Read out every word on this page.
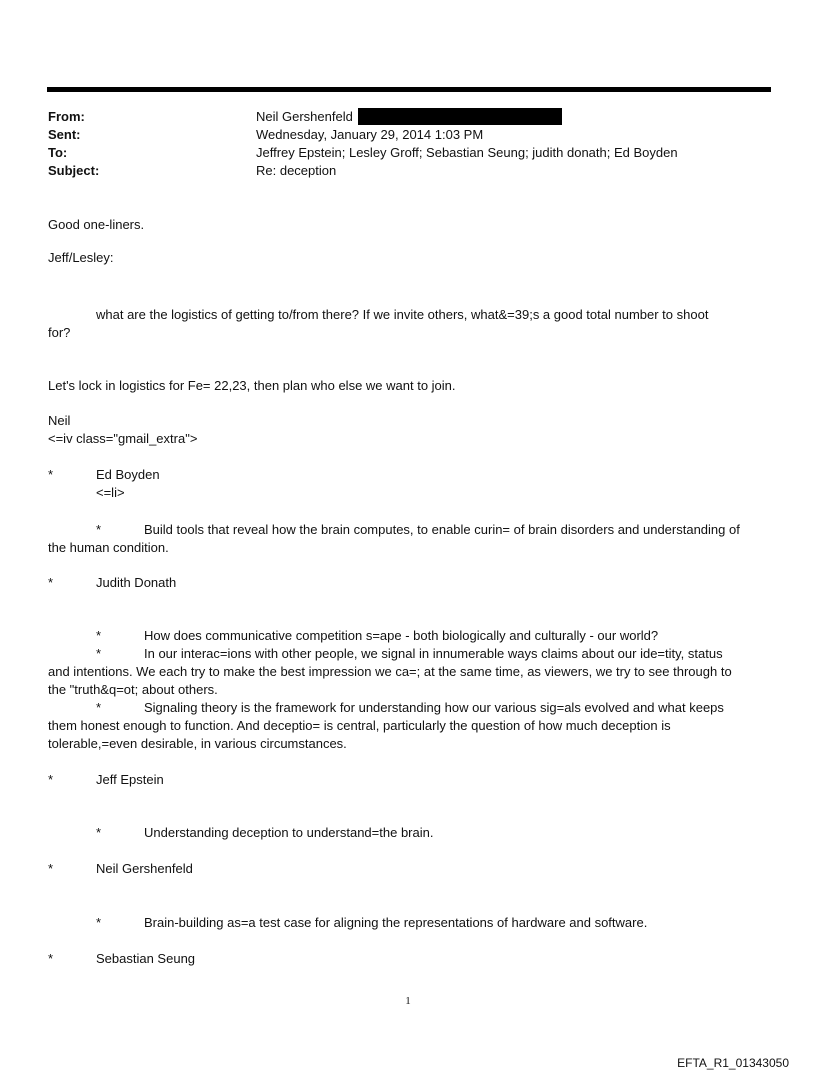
From:	Neil Gershenfeld
Sent:	Wednesday, January 29, 2014 1:03 PM
To:	Jeffrey Epstein; Lesley Groff; Sebastian Seung; judith donath; Ed Boyden
Subject:	Re: deception
Good one-liners.
Jeff/Lesley:
what are the logistics of getting to/from there? If we invite others, what&=39;s a good total number to shoot
for?
Let's lock in logistics for Fe= 22,23, then plan who else we want to join.
Neil
<=iv class="gmail_extra">
*	Ed Boyden
<=li>
*	Build tools that reveal how the brain computes, to enable curin= of brain disorders and understanding of
the human condition.
*	Judith Donath
*	How does communicative competition s=ape - both biologically and culturally - our world?
*	In our interac=ions with other people, we signal in innumerable ways claims about our ide=tity, status
and intentions. We each try to make the best impression we ca=; at the same time, as viewers, we try to see through to
the "truth&q=ot; about others.
*	Signaling theory is the framework for understanding how our various sig=als evolved and what keeps
them honest enough to function. And deceptio= is central, particularly the question of how much deception is
tolerable,=even desirable, in various circumstances.
*	Jeff Epstein
*	Understanding deception to understand=the brain.
*	Neil Gershenfeld
*	Brain-building as=a test case for aligning the representations of hardware and software.
*	Sebastian Seung
1
EFTA_R1_01343050
